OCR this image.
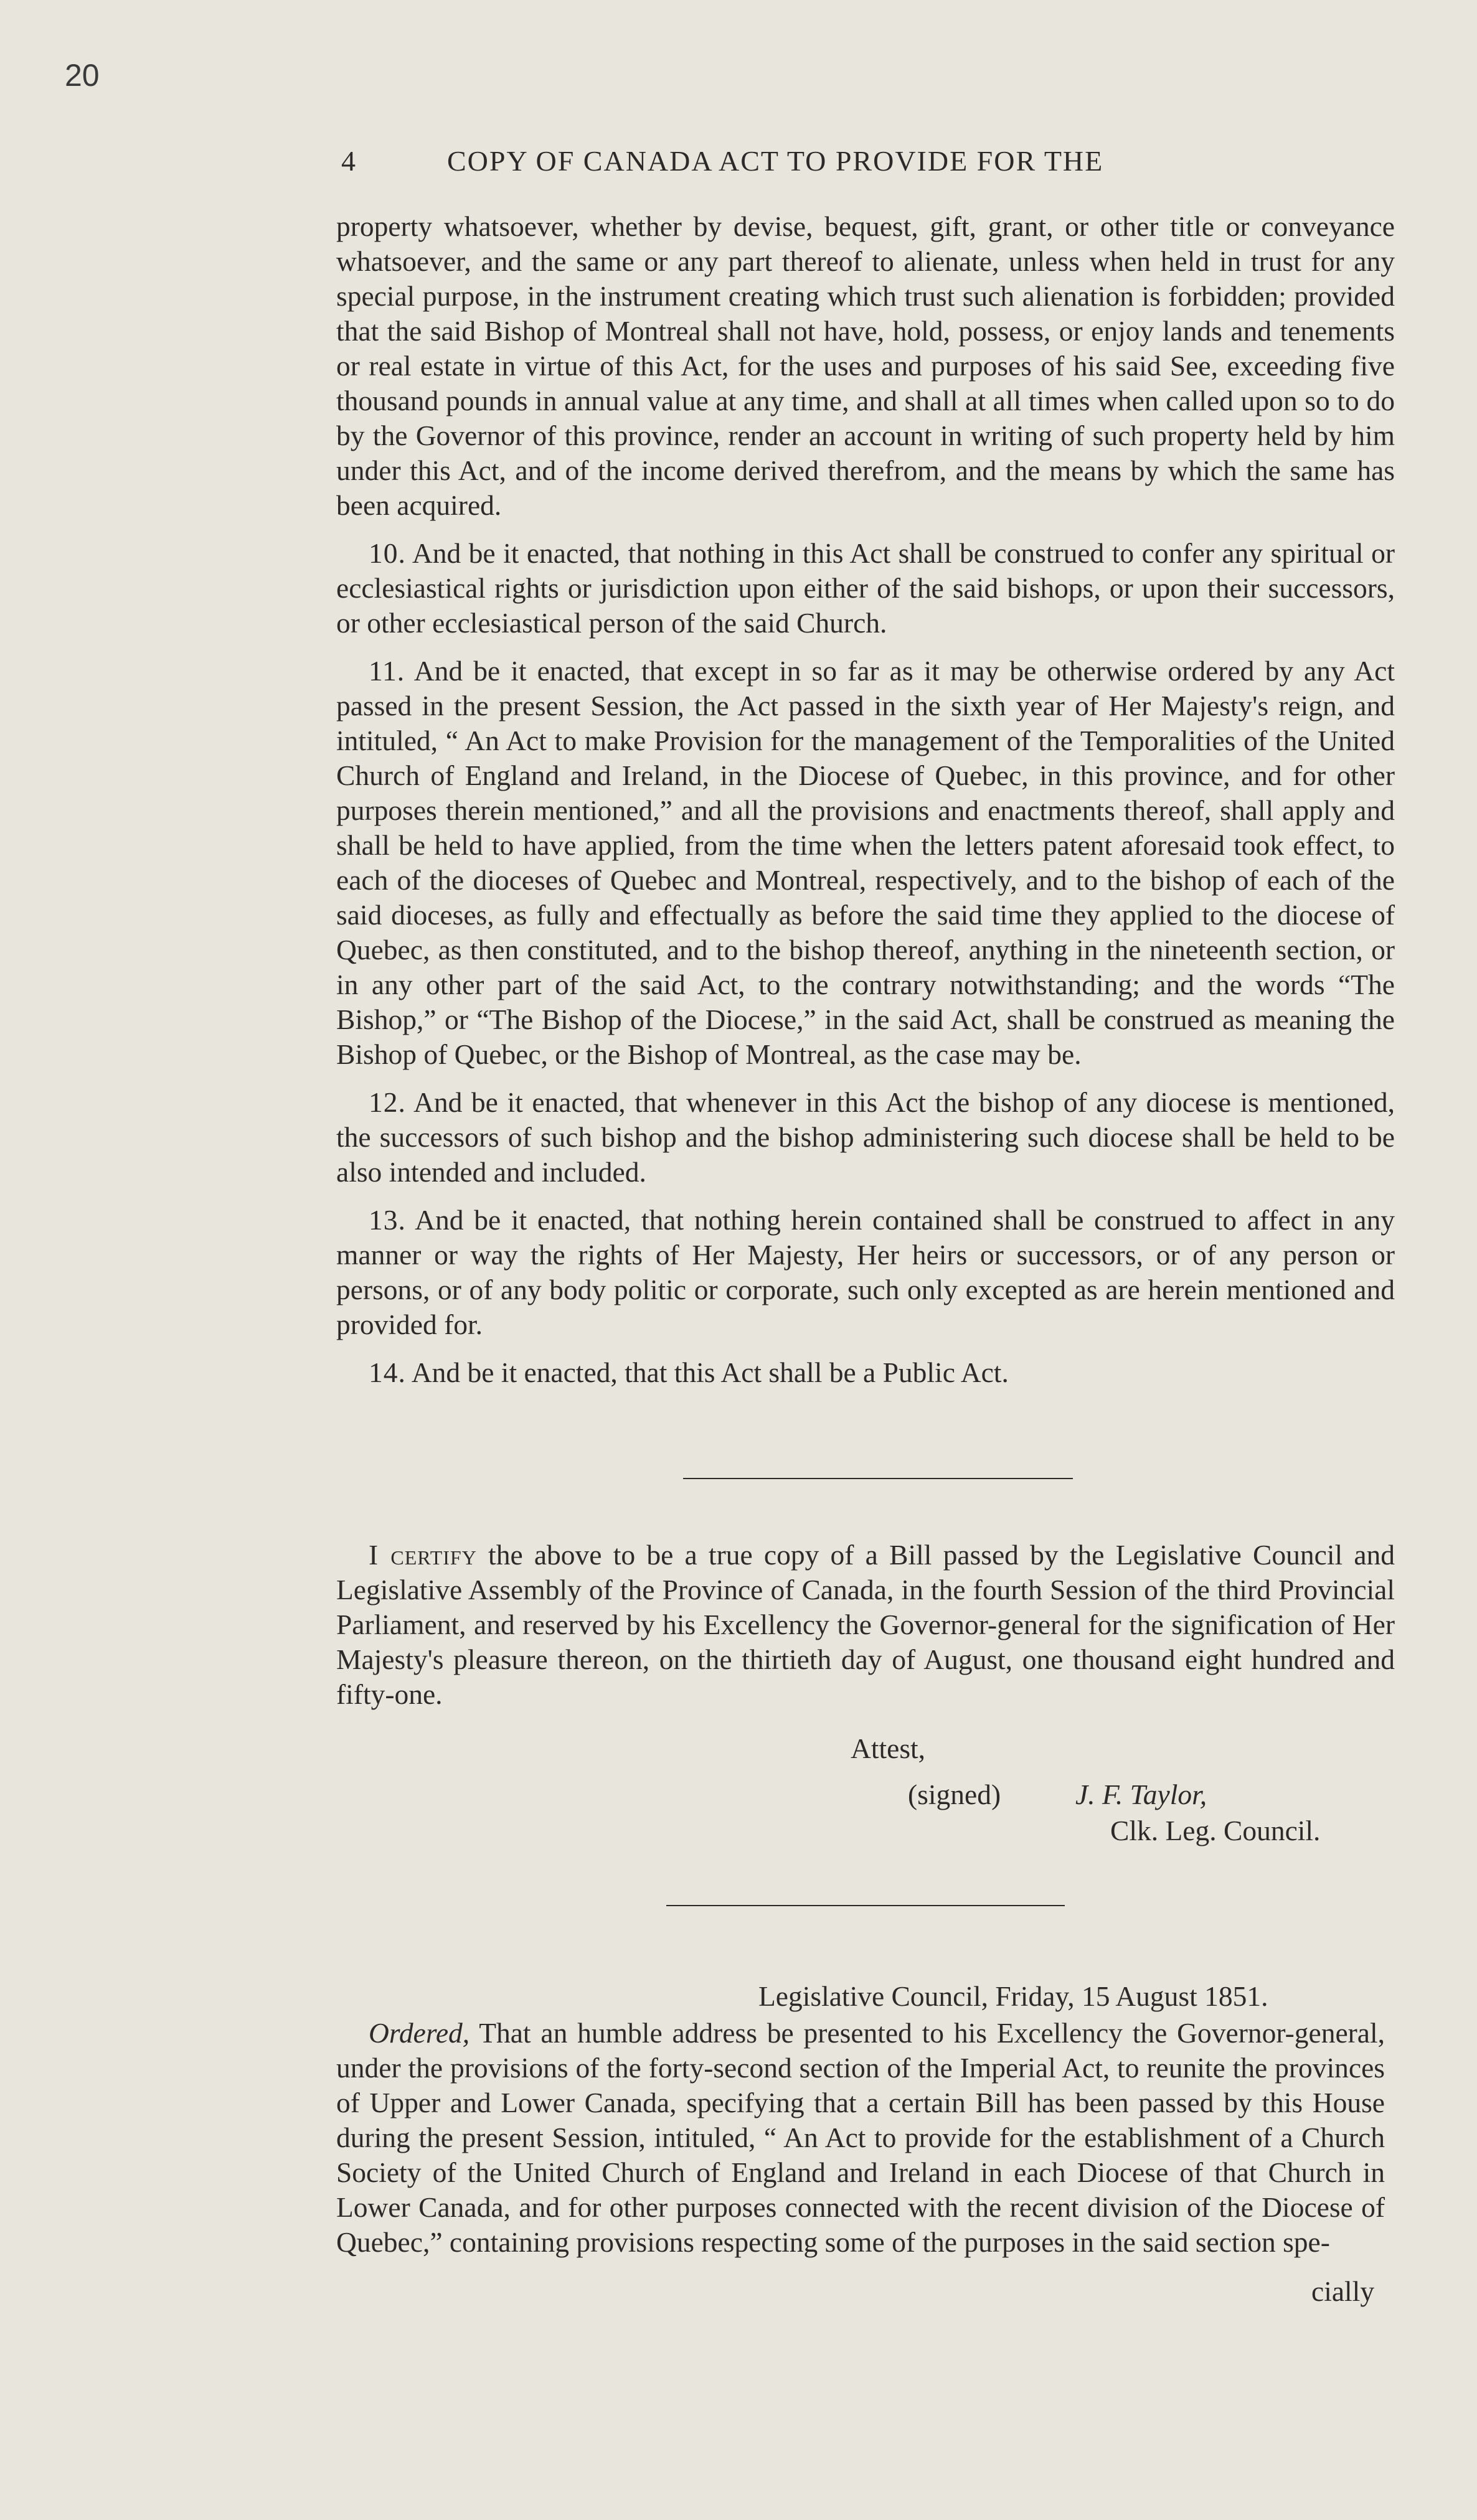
20
4	COPY OF CANADA ACT TO PROVIDE FOR THE

property whatsoever, whether by devise, bequest, gift, grant, or other title or conveyance whatsoever, and the same or any part thereof to alienate, unless when held in trust for any special purpose, in the instrument creating which trust such alienation is forbidden; provided that the said Bishop of Montreal shall not have, hold, possess, or enjoy lands and tenements or real estate in virtue of this Act, for the uses and purposes of his said See, exceeding five thousand pounds in annual value at any time, and shall at all times when called upon so to do by the Governor of this province, render an account in writing of such property held by him under this Act, and of the income derived therefrom, and the means by which the same has been acquired.

10. And be it enacted, that nothing in this Act shall be construed to confer any spiritual or ecclesiastical rights or jurisdiction upon either of the said bishops, or upon their successors, or other ecclesiastical person of the said Church.

11. And be it enacted, that except in so far as it may be otherwise ordered by any Act passed in the present Session, the Act passed in the sixth year of Her Majesty's reign, and intituled, “ An Act to make Provision for the management of the Temporalities of the United Church of England and Ireland, in the Diocese of Quebec, in this province, and for other purposes therein mentioned,” and all the provisions and enactments thereof, shall apply and shall be held to have applied, from the time when the letters patent aforesaid took effect, to each of the dioceses of Quebec and Montreal, respectively, and to the bishop of each of the said dioceses, as fully and effectually as before the said time they applied to the diocese of Quebec, as then constituted, and to the bishop thereof, anything in the nineteenth section, or in any other part of the said Act, to the contrary notwithstanding; and the words “The Bishop,” or “The Bishop of the Diocese,” in the said Act, shall be construed as meaning the Bishop of Quebec, or the Bishop of Montreal, as the case may be.

12. And be it enacted, that whenever in this Act the bishop of any diocese is mentioned, the successors of such bishop and the bishop administering such diocese shall be held to be also intended and included.

13. And be it enacted, that nothing herein contained shall be construed to affect in any manner or way the rights of Her Majesty, Her heirs or successors, or of any person or persons, or of any body politic or corporate, such only excepted as are herein mentioned and provided for.

14. And be it enacted, that this Act shall be a Public Act.

I certify the above to be a true copy of a Bill passed by the Legislative Council and Legislative Assembly of the Province of Canada, in the fourth Session of the third Provincial Parliament, and reserved by his Excellency the Governor-general for the signification of Her Majesty's pleasure thereon, on the thirtieth day of August, one thousand eight hundred and fifty-one.

Attest,
(signed)	J. F. Taylor,
Clk. Leg. Council.
Legislative Council, Friday, 15 August 1851.

Ordered, That an humble address be presented to his Excellency the Governor-general, under the provisions of the forty-second section of the Imperial Act, to reunite the provinces of Upper and Lower Canada, specifying that a certain Bill has been passed by this House during the present Session, intituled, “ An Act to provide for the establishment of a Church Society of the United Church of England and Ireland in each Diocese of that Church in Lower Canada, and for other purposes connected with the recent division of the Diocese of Quebec,” containing provisions respecting some of the purposes in the said section spe-

cially
